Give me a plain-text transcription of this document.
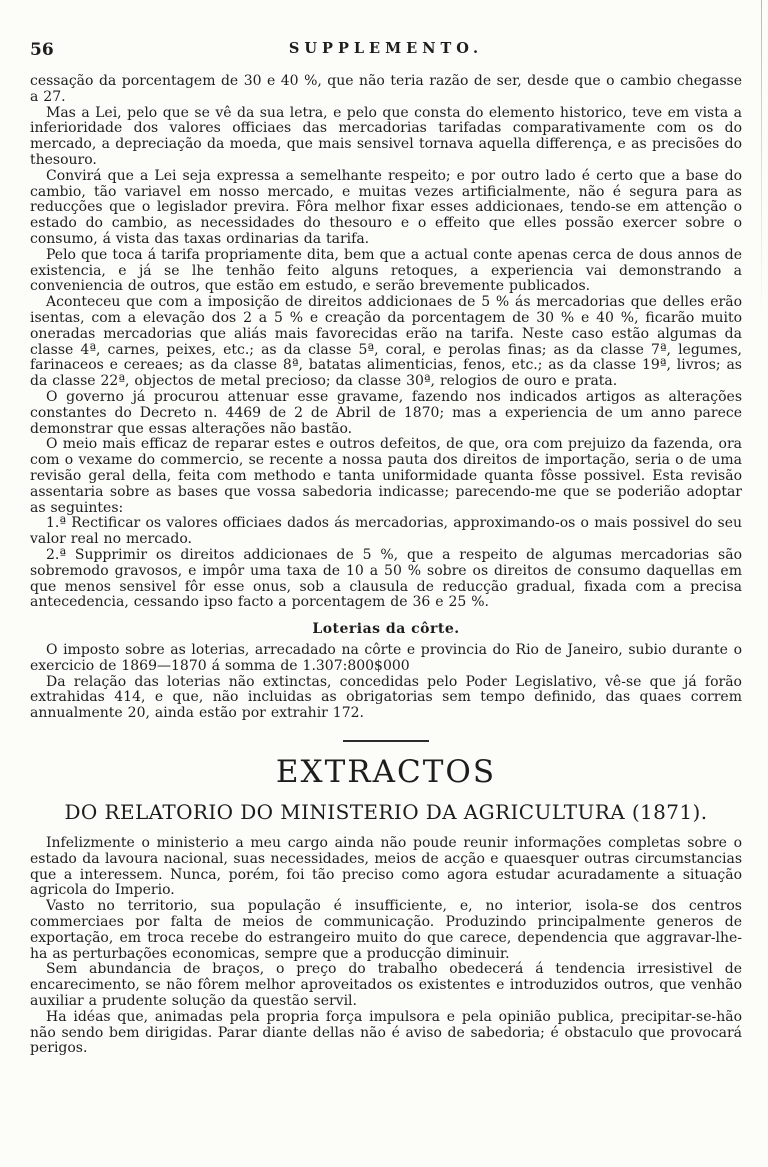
56	SUPPLEMENTO.

cessação da porcentagem de 30 e 40 %, que não teria razão de ser, desde que o cambio chegasse a 27.

Mas a Lei, pelo que se vê da sua letra, e pelo que consta do elemento historico, teve em vista a inferioridade dos valores officiaes das mercadorias tarifadas comparativamente com os do mercado, a depreciação da moeda, que mais sensivel tornava aquella differença, e as precisões do thesouro.

Convirá que a Lei seja expressa a semelhante respeito; e por outro lado é certo que a base do cambio, tão variavel em nosso mercado, e muitas vezes artificialmente, não é segura para as reducções que o legislador previra. Fôra melhor fixar esses addicionaes, tendo-se em attenção o estado do cambio, as necessidades do thesouro e o effeito que elles possão exercer sobre o consumo, á vista das taxas ordinarias da tarifa.

Pelo que toca á tarifa propriamente dita, bem que a actual conte apenas cerca de dous annos de existencia, e já se lhe tenhão feito alguns retoques, a experiencia vai demonstrando a conveniencia de outros, que estão em estudo, e serão brevemente publicados.

Aconteceu que com a imposição de direitos addicionaes de 5 % ás mercadorias que delles erão isentas, com a elevação dos 2 a 5 % e creação da porcentagem de 30 % e 40 %, ficarão muito oneradas mercadorias que aliás mais favorecidas erão na tarifa. Neste caso estão algumas da classe 4ª, carnes, peixes, etc.; as da classe 5ª, coral, e perolas finas; as da classe 7ª, legumes, farinaceos e cereaes; as da classe 8ª, batatas alimenticias, fenos, etc.; as da classe 19ª, livros; as da classe 22ª, objectos de metal precioso; da classe 30ª, relogios de ouro e prata.

O governo já procurou attenuar esse gravame, fazendo nos indicados artigos as alterações constantes do Decreto n. 4469 de 2 de Abril de 1870; mas a experiencia de um anno parece demonstrar que essas alterações não bastão.

O meio mais efficaz de reparar estes e outros defeitos, de que, ora com prejuizo da fazenda, ora com o vexame do commercio, se recente a nossa pauta dos direitos de importação, seria o de uma revisão geral della, feita com methodo e tanta uniformidade quanta fôsse possivel. Esta revisão assentaria sobre as bases que vossa sabedoria indicasse; parecendo-me que se poderião adoptar as seguintes:

1.ª Rectificar os valores officiaes dados ás mercadorias, approximando-os o mais possivel do seu valor real no mercado.

2.ª Supprimir os direitos addicionaes de 5 %, que a respeito de algumas mercadorias são sobremodo gravosos, e impôr uma taxa de 10 a 50 % sobre os direitos de consumo daquellas em que menos sensivel fôr esse onus, sob a clausula de reducção gradual, fixada com a precisa antecedencia, cessando ipso facto a porcentagem de 36 e 25 %.

Loterias da côrte.

O imposto sobre as loterias, arrecadado na côrte e provincia do Rio de Janeiro, subio durante o exercicio de 1869—1870 á somma de 1.307:800$000

Da relação das loterias não extinctas, concedidas pelo Poder Legislativo, vê-se que já forão extrahidas 414, e que, não incluidas as obrigatorias sem tempo definido, das quaes correm annualmente 20, ainda estão por extrahir 172.

EXTRACTOS
DO RELATORIO DO MINISTERIO DA AGRICULTURA (1871).

Infelizmente o ministerio a meu cargo ainda não poude reunir informações completas sobre o estado da lavoura nacional, suas necessidades, meios de acção e quaesquer outras circumstancias que a interessem. Nunca, porém, foi tão preciso como agora estudar acuradamente a situação agricola do Imperio.

Vasto no territorio, sua população é insufficiente, e, no interior, isola-se dos centros commerciaes por falta de meios de communicação. Produzindo principalmente generos de exportação, em troca recebe do estrangeiro muito do que carece, dependencia que aggravar-lhe-ha as perturbações economicas, sempre que a producção diminuir.

Sem abundancia de braços, o preço do trabalho obedecerá á tendencia irresistivel de encarecimento, se não fôrem melhor aproveitados os existentes e introduzidos outros, que venhão auxiliar a prudente solução da questão servil.

Ha idéas que, animadas pela propria força impulsora e pela opinião publica, precipitar-se-hão não sendo bem dirigidas. Parar diante dellas não é aviso de sabedoria; é obstaculo que provocará perigos.
